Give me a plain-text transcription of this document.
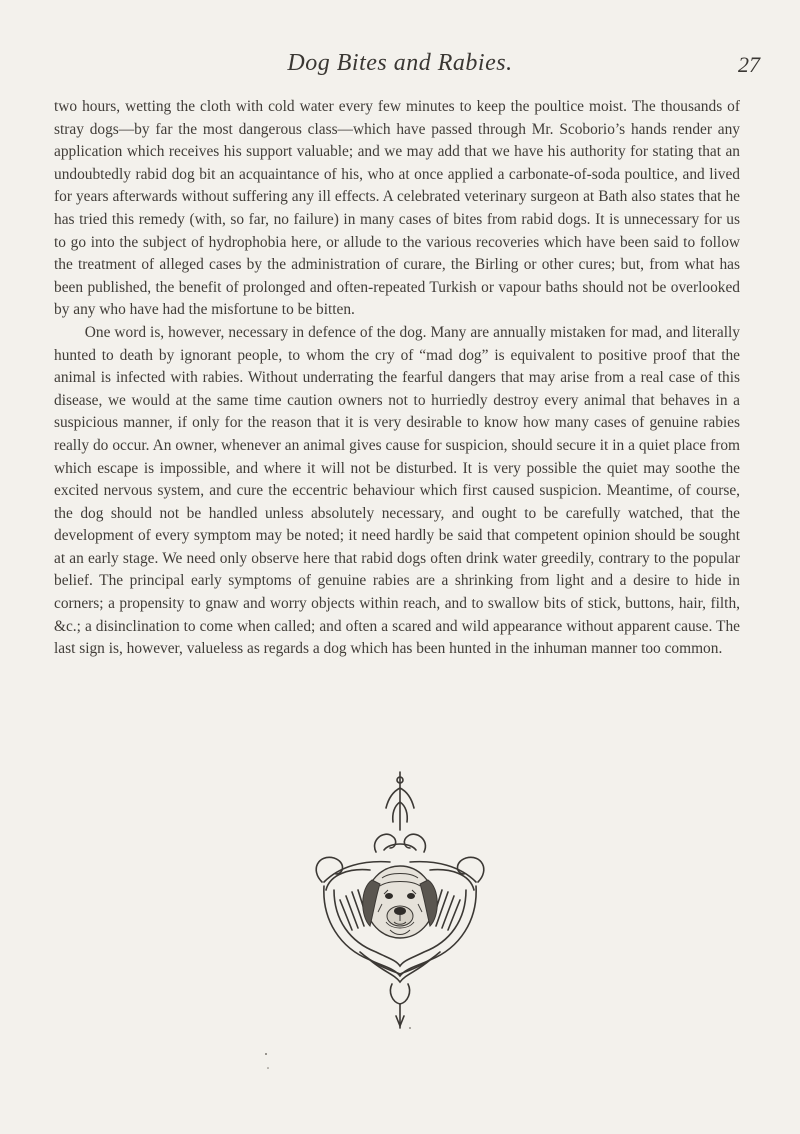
Dog Bites and Rabies.	27

two hours, wetting the cloth with cold water every few minutes to keep the poultice moist. The thousands of stray dogs—by far the most dangerous class—which have passed through Mr. Scoborio’s hands render any application which receives his support valuable; and we may add that we have his authority for stating that an undoubtedly rabid dog bit an acquaintance of his, who at once applied a carbonate-of-soda poultice, and lived for years afterwards without suffering any ill effects. A celebrated veterinary surgeon at Bath also states that he has tried this remedy (with, so far, no failure) in many cases of bites from rabid dogs. It is unnecessary for us to go into the subject of hydrophobia here, or allude to the various recoveries which have been said to follow the treatment of alleged cases by the administration of curare, the Birling or other cures; but, from what has been published, the benefit of prolonged and often-repeated Turkish or vapour baths should not be overlooked by any who have had the misfortune to be bitten.

One word is, however, necessary in defence of the dog. Many are annually mistaken for mad, and literally hunted to death by ignorant people, to whom the cry of “mad dog” is equivalent to positive proof that the animal is infected with rabies. Without underrating the fearful dangers that may arise from a real case of this disease, we would at the same time caution owners not to hurriedly destroy every animal that behaves in a suspicious manner, if only for the reason that it is very desirable to know how many cases of genuine rabies really do occur. An owner, whenever an animal gives cause for suspicion, should secure it in a quiet place from which escape is impossible, and where it will not be disturbed. It is very possible the quiet may soothe the excited nervous system, and cure the eccentric behaviour which first caused suspicion. Meantime, of course, the dog should not be handled unless absolutely necessary, and ought to be carefully watched, that the development of every symptom may be noted; it need hardly be said that competent opinion should be sought at an early stage. We need only observe here that rabid dogs often drink water greedily, contrary to the popular belief. The principal early symptoms of genuine rabies are a shrinking from light and a desire to hide in corners; a propensity to gnaw and worry objects within reach, and to swallow bits of stick, buttons, hair, filth, &c.; a disinclination to come when called; and often a scared and wild appearance without apparent cause. The last sign is, however, valueless as regards a dog which has been hunted in the inhuman manner too common.
